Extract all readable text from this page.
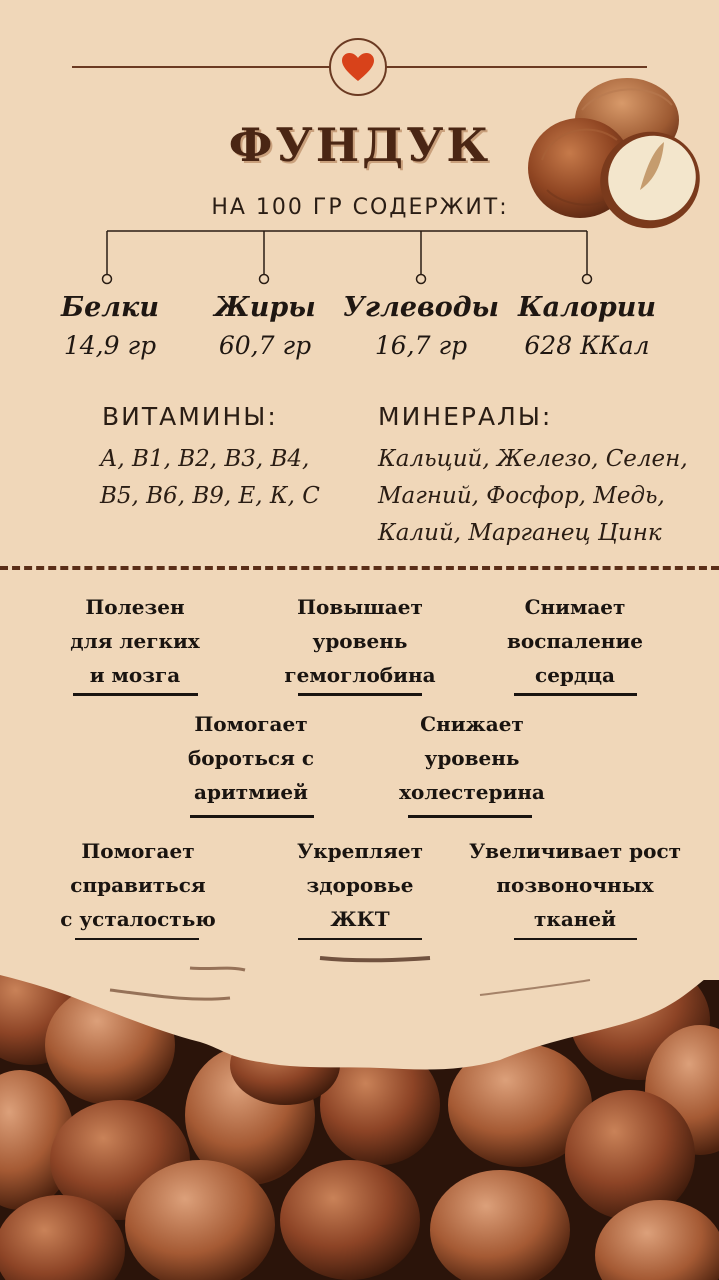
ФУНДУК
НА 100 ГР СОДЕРЖИТ:
Белки
14,9 гр
Жиры
60,7 гр
Углеводы
16,7 гр
Калории
628 ККал
ВИТАМИНЫ:
А, В1, В2, В3, В4,
В5, В6, В9, Е, К, С
МИНЕРАЛЫ:
Кальций, Железо, Селен,
Магний, Фосфор, Медь,
Калий, Марганец Цинк
Полезен
для легких
и мозга
Повышает
уровень
гемоглобина
Снимает
воспаление
сердца
Помогает
бороться с
аритмией
Снижает
уровень
холестерина
Помогает
справиться
с усталостью
Укрепляет
здоровье
ЖКТ
Увеличивает рост
позвоночных
тканей
